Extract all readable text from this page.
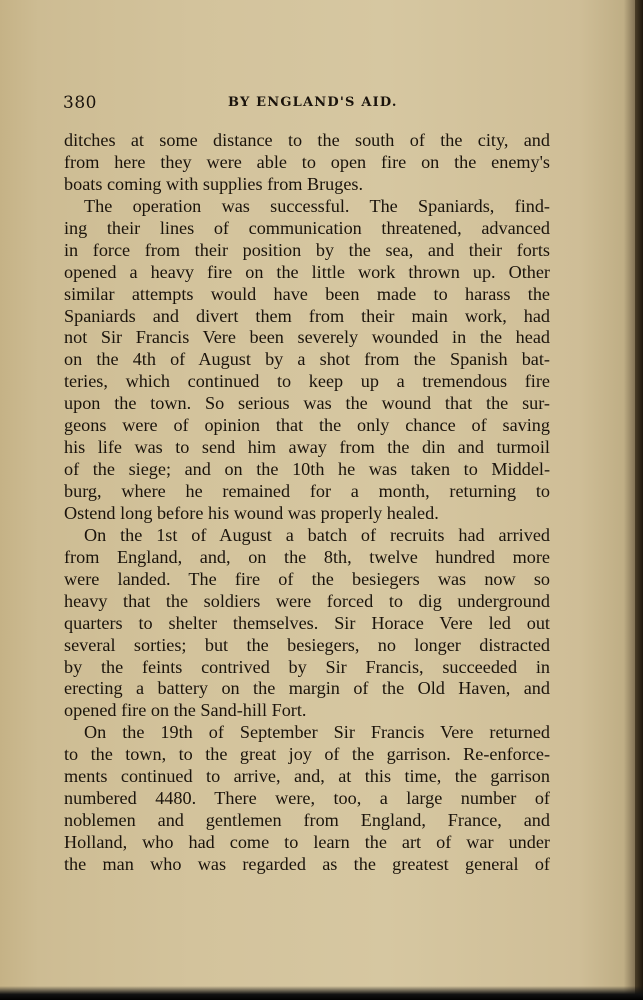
380	BY ENGLAND'S AID.
ditches at some distance to the south of the city, and
from here they were able to open fire on the enemy's
boats coming with supplies from Bruges.
The operation was successful. The Spaniards, find-
ing their lines of communication threatened, advanced
in force from their position by the sea, and their forts
opened a heavy fire on the little work thrown up. Other
similar attempts would have been made to harass the
Spaniards and divert them from their main work, had
not Sir Francis Vere been severely wounded in the head
on the 4th of August by a shot from the Spanish bat-
teries, which continued to keep up a tremendous fire
upon the town. So serious was the wound that the sur-
geons were of opinion that the only chance of saving
his life was to send him away from the din and turmoil
of the siege; and on the 10th he was taken to Middel-
burg, where he remained for a month, returning to
Ostend long before his wound was properly healed.
On the 1st of August a batch of recruits had arrived
from England, and, on the 8th, twelve hundred more
were landed. The fire of the besiegers was now so
heavy that the soldiers were forced to dig underground
quarters to shelter themselves. Sir Horace Vere led out
several sorties; but the besiegers, no longer distracted
by the feints contrived by Sir Francis, succeeded in
erecting a battery on the margin of the Old Haven, and
opened fire on the Sand-hill Fort.
On the 19th of September Sir Francis Vere returned
to the town, to the great joy of the garrison. Re-enforce-
ments continued to arrive, and, at this time, the garrison
numbered 4480. There were, too, a large number of
noblemen and gentlemen from England, France, and
Holland, who had come to learn the art of war under
the man who was regarded as the greatest general of
